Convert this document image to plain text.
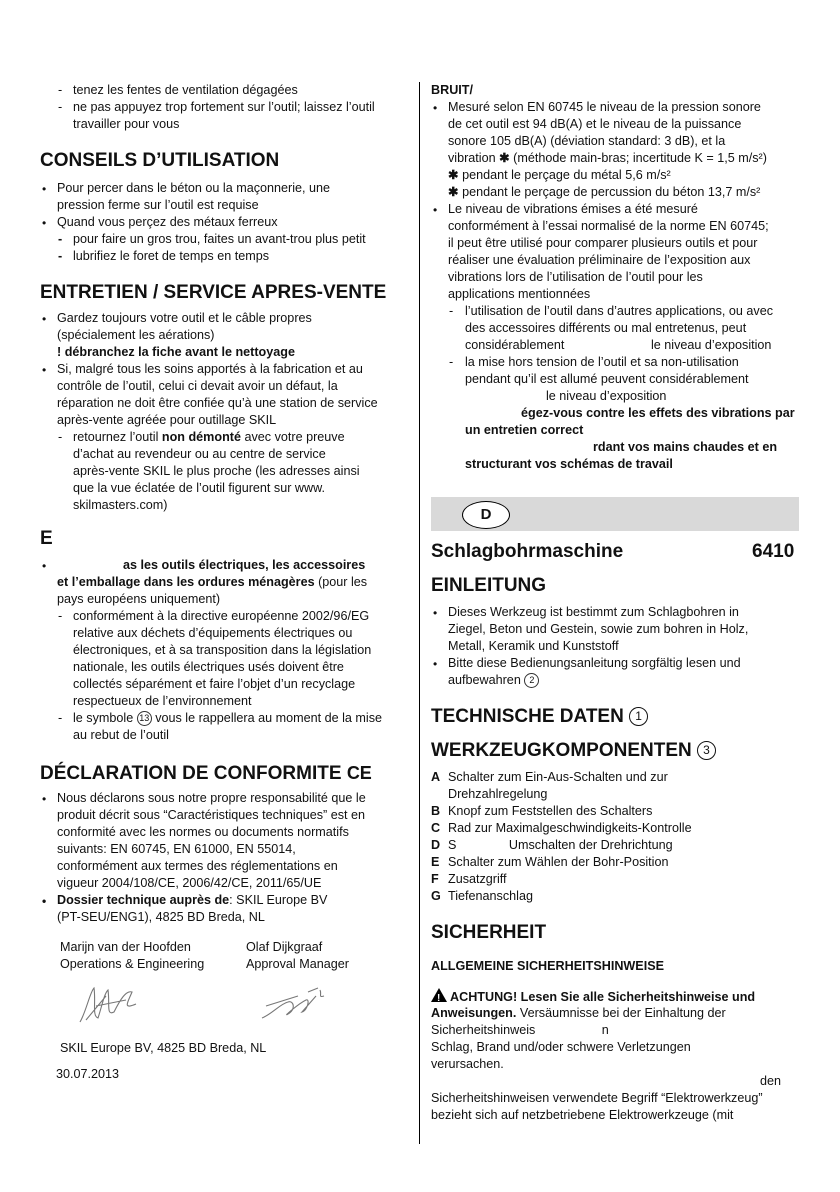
- tenez les fentes de ventilation dégagées
- ne pas appuyez trop fortement sur l’outil; laissez l’outil
travailler pour vous
CONSEILS D’UTILISATION
• Pour percer dans le béton ou la maçonnerie, une
pression ferme sur l’outil est requise
• Quand vous perçez des métaux ferreux
- pour faire un gros trou, faites un avant-trou plus petit
- lubrifiez le foret de temps en temps
ENTRETIEN / SERVICE APRES-VENTE
• Gardez toujours votre outil et le câble propres
(spécialement les aérations)
! débranchez la fiche avant le nettoyage
• Si, malgré tous les soins apportés à la fabrication et au
contrôle de l’outil, celui ci devait avoir un défaut, la
réparation ne doit être confiée qu’à une station de service
après-vente agréée pour outillage SKIL
- retournez l’outil non démonté avec votre preuve
d’achat au revendeur ou au centre de service
après-vente SKIL le plus proche (les adresses ainsi
que la vue éclatée de l’outil figurent sur www.
skilmasters.com)
E
•	as les outils électriques, les accessoires
et l’emballage dans les ordures ménagères (pour les
pays européens uniquement)
- conformément à la directive européenne 2002/96/EG
relative aux déchets d’équipements électriques ou
électroniques, et à sa transposition dans la législation
nationale, les outils électriques usés doivent être
collectés séparément et faire l’objet d’un recyclage
respectueux de l’environnement
- le symbole 13 vous le rappellera au moment de la mise
au rebut de l’outil
DÉCLARATION DE CONFORMITE CE
• Nous déclarons sous notre propre responsabilité que le
produit décrit sous “Caractéristiques techniques” est en
conformité avec les normes ou documents normatifs
suivants: EN 60745, EN 61000, EN 55014,
conformément aux termes des réglementations en
vigueur 2004/108/CE, 2006/42/CE, 2011/65/UE
• Dossier technique auprès de: SKIL Europe BV
(PT-SEU/ENG1), 4825 BD Breda, NL
Marijn van der Hoofden
Operations & Engineering
Olaf Dijkgraaf
Approval Manager
SKIL Europe BV, 4825 BD Breda, NL
30.07.2013
BRUIT/
• Mesuré selon EN 60745 le niveau de la pression sonore
de cet outil est 94 dB(A) et le niveau de la puissance
sonore 105 dB(A) (déviation standard: 3 dB), et la
vibration ✱ (méthode main-bras; incertitude K = 1,5 m/s²)
✱ pendant le perçage du métal 5,6 m/s²
✱ pendant le perçage de percussion du béton 13,7 m/s²
• Le niveau de vibrations émises a été mesuré
conformément à l’essai normalisé de la norme EN 60745;
il peut être utilisé pour comparer plusieurs outils et pour
réaliser une évaluation préliminaire de l’exposition aux
vibrations lors de l’utilisation de l’outil pour les
applications mentionnées
- l’utilisation de l’outil dans d’autres applications, ou avec
des accessoires différents ou mal entretenus, peut
considérablement	le niveau d’exposition
- la mise hors tension de l’outil et sa non-utilisation
pendant qu’il est allumé peuvent considérablement
le niveau d’exposition
égez-vous contre les effets des vibrations par
un entretien correct
rdant vos mains chaudes et en
structurant vos schémas de travail
D
Schlagbohrmaschine	6410
EINLEITUNG
• Dieses Werkzeug ist bestimmt zum Schlagbohren in
Ziegel, Beton und Gestein, sowie zum bohren in Holz,
Metall, Keramik und Kunststoff
• Bitte diese Bedienungsanleitung sorgfältig lesen und
aufbewahren 2
TECHNISCHE DATEN 1
WERKZEUGKOMPONENTEN 3
A Schalter zum Ein-Aus-Schalten und zur
Drehzahlregelung
B Knopf zum Feststellen des Schalters
C Rad zur Maximalgeschwindigkeits-Kontrolle
D S               Umschalten der Drehrichtung
E Schalter zum Wählen der Bohr-Position
F Zusatzgriff
G Tiefenanschlag
SICHERHEIT
ALLGEMEINE SICHERHEITSHINWEISE
! ACHTUNG! Lesen Sie alle Sicherheitshinweise und
Anweisungen. Versäumnisse bei der Einhaltung der
Sicherheitshinweis                   n
Schlag, Brand und/oder schwere Verletzungen
verursachen.
den
Sicherheitshinweisen verwendete Begriff “Elektrowerkzeug”
bezieht sich auf netzbetriebene Elektrowerkzeuge (mit
